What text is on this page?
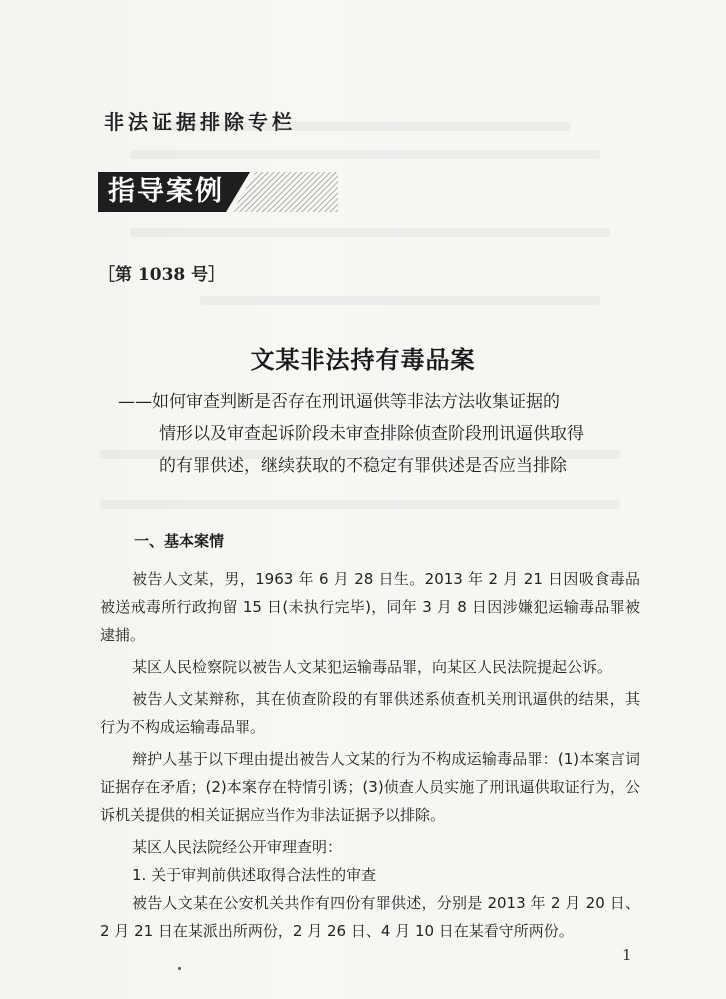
非法证据排除专栏
指导案例
［第 1038 号］
文某非法持有毒品案
——如何审查判断是否存在刑讯逼供等非法方法收集证据的
情形以及审查起诉阶段未审查排除侦查阶段刑讯逼供取得
的有罪供述，继续获取的不稳定有罪供述是否应当排除
一、基本案情

被告人文某，男，1963 年 6 月 28 日生。2013 年 2 月 21 日因吸食毒品被送戒毒所行政拘留 15 日(未执行完毕)，同年 3 月 8 日因涉嫌犯运输毒品罪被逮捕。

某区人民检察院以被告人文某犯运输毒品罪，向某区人民法院提起公诉。

被告人文某辩称，其在侦查阶段的有罪供述系侦查机关刑讯逼供的结果，其行为不构成运输毒品罪。

辩护人基于以下理由提出被告人文某的行为不构成运输毒品罪：(1)本案言词证据存在矛盾；(2)本案存在特情引诱；(3)侦查人员实施了刑讯逼供取证行为，公诉机关提供的相关证据应当作为非法证据予以排除。

某区人民法院经公开审理查明：

1. 关于审判前供述取得合法性的审查

被告人文某在公安机关共作有四份有罪供述，分别是 2013 年 2 月 20 日、2 月 21 日在某派出所两份，2 月 26 日、4 月 10 日在某看守所两份。

1
